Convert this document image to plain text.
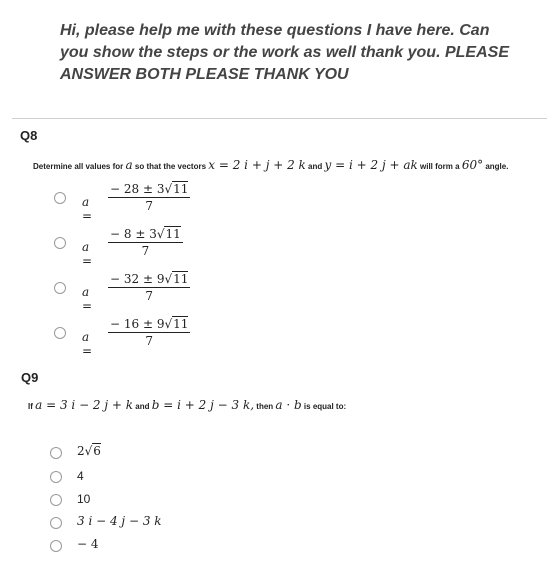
Hi, please help me with these questions I have here. Can
you show the steps or the work as well thank you. PLEASE
ANSWER BOTH PLEASE THANK YOU
Q8
Determine all values for a so that the vectors x = 2 i + j + 2 k and y = i + 2 j + ak will form a 60° angle.
a =
$\frac{- 28 \pm 3√11}{7}$
a =
$\frac{- 8 \pm 3√11}{7}$
a =
$\frac{- 32 \pm 9√11}{7}$
a =
$\frac{- 16 \pm 9√11}{7}$
Q9
If a = 3 i − 2 j + k and b = i + 2 j − 3 k, then a · b is equal to:
2√6
4
10
3 i − 4 j − 3 k
− 4
